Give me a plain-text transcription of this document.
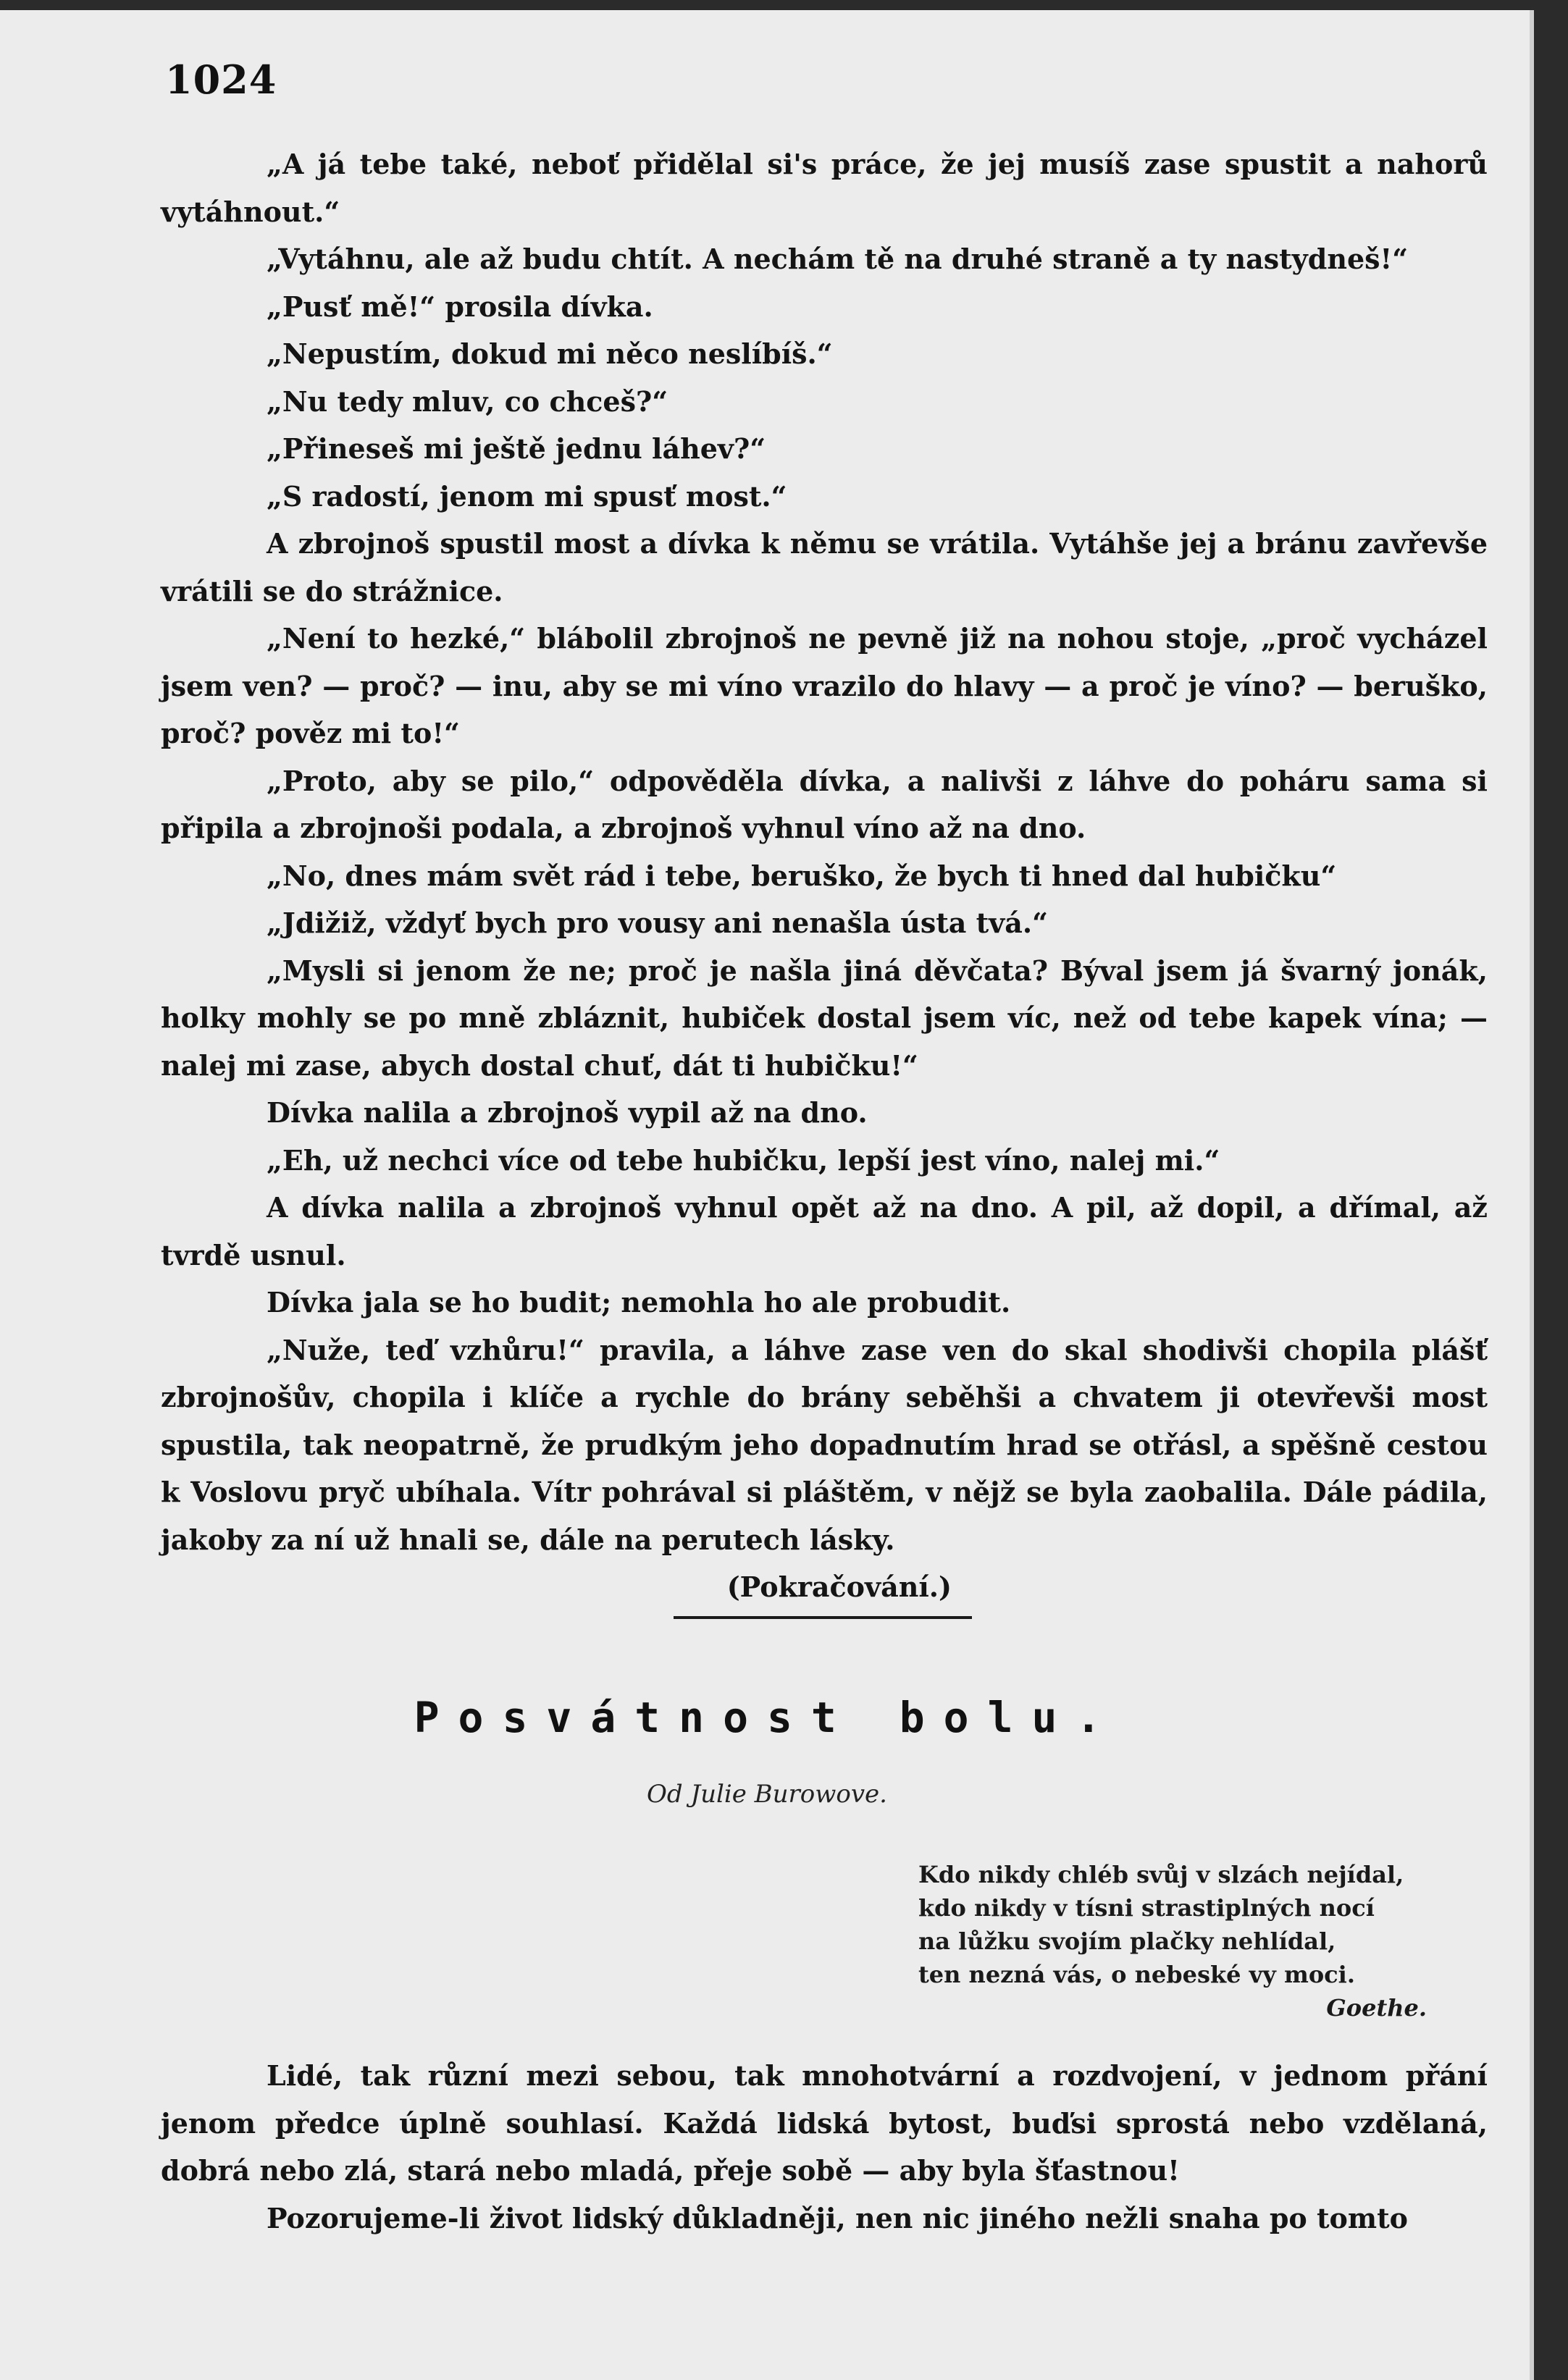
1024

„A já tebe také, neboť přidělal si's práce, že jej musíš zase spustit a nahorů vytáhnout.“

„Vytáhnu, ale až budu chtít. A nechám tě na druhé straně a ty nastydneš!“

„Pusť mě!“ prosila dívka.

„Nepustím, dokud mi něco neslíbíš.“

„Nu tedy mluv, co chceš?“

„Přineseš mi ještě jednu láhev?“

„S radostí, jenom mi spusť most.“

A zbrojnoš spustil most a dívka k němu se vrátila. Vytáhše jej a bránu zavřevše vrátili se do strážnice.

„Není to hezké,“ blábolil zbrojnoš ne pevně již na nohou stoje, „proč vycházel jsem ven? — proč? — inu, aby se mi víno vrazilo do hlavy — a proč je víno? — beruško, proč? pověz mi to!“

„Proto, aby se pilo,“ odpověděla dívka, a nalivši z láhve do poháru sama si připila a zbrojnoši podala, a zbrojnoš vyhnul víno až na dno.

„No, dnes mám svět rád i tebe, beruško, že bych ti hned dal hubičku“

„Jdižiž, vždyť bych pro vousy ani nenašla ústa tvá.“

„Mysli si jenom že ne; proč je našla jiná děvčata? Býval jsem já švarný jonák, holky mohly se po mně zbláznit, hubiček dostal jsem víc, než od tebe kapek vína; — nalej mi zase, abych dostal chuť, dát ti hubičku!“

Dívka nalila a zbrojnoš vypil až na dno.

„Eh, už nechci více od tebe hubičku, lepší jest víno, nalej mi.“

A dívka nalila a zbrojnoš vyhnul opět až na dno. A pil, až dopil, a dřímal, až tvrdě usnul.

Dívka jala se ho budit; nemohla ho ale probudit.

„Nuže, teď vzhůru!“ pravila, a láhve zase ven do skal shodivši chopila plášť zbrojnošův, chopila i klíče a rychle do brány seběhši a chvatem ji otevřevši most spustila, tak neopatrně, že prudkým jeho dopadnutím hrad se otřásl, a spěšně cestou k Voslovu pryč ubíhala. Vítr pohrával si pláštěm, v nějž se byla zaobalila. Dále pádila, jakoby za ní už hnali se, dále na perutech lásky.

(Pokračování.)

Posvátnost bolu.
Od Julie Burowove.
Kdo nikdy chléb svůj v slzách nejídal,
kdo nikdy v tísni strastiplných nocí
na lůžku svojím plačky nehlídal,
ten nezná vás, o nebeské vy moci.
Goethe.

Lidé, tak různí mezi sebou, tak mnohotvární a rozdvojení, v jednom přání jenom předce úplně souhlasí. Každá lidská bytost, buďsi sprostá nebo vzdělaná, dobrá nebo zlá, stará nebo mladá, přeje sobě — aby byla šťastnou!

Pozorujeme-li život lidský důkladněji, nen nic jiného nežli snaha po tomto
